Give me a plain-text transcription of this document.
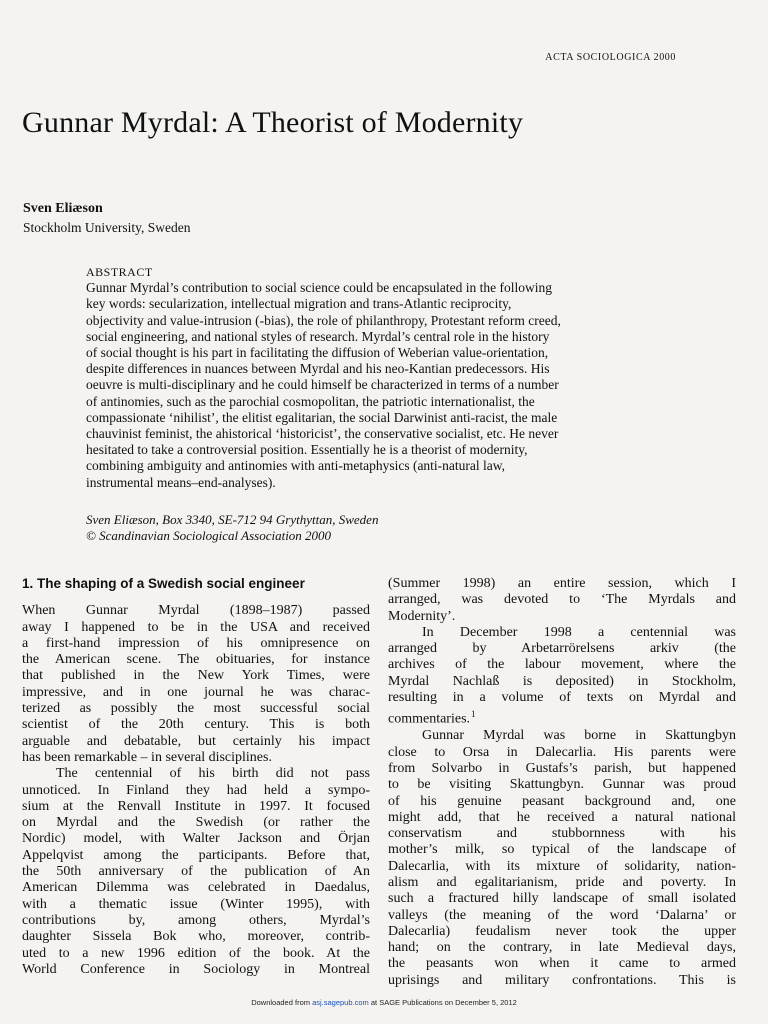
ACTA SOCIOLOGICA 2000
Gunnar Myrdal: A Theorist of Modernity
Sven Eliæson
Stockholm University, Sweden
ABSTRACT
Gunnar Myrdal’s contribution to social science could be encapsulated in the following
key words: secularization, intellectual migration and trans-Atlantic reciprocity,
objectivity and value-intrusion (-bias), the role of philanthropy, Protestant reform creed,
social engineering, and national styles of research. Myrdal’s central role in the history
of social thought is his part in facilitating the diffusion of Weberian value-orientation,
despite differences in nuances between Myrdal and his neo-Kantian predecessors. His
oeuvre is multi-disciplinary and he could himself be characterized in terms of a number
of antinomies, such as the parochial cosmopolitan, the patriotic internationalist, the
compassionate ‘nihilist’, the elitist egalitarian, the social Darwinist anti-racist, the male
chauvinist feminist, the ahistorical ‘historicist’, the conservative socialist, etc. He never
hesitated to take a controversial position. Essentially he is a theorist of modernity,
combining ambiguity and antinomies with anti-metaphysics (anti-natural law,
instrumental means–end-analyses).
Sven Eliæson, Box 3340, SE-712 94 Grythyttan, Sweden
© Scandinavian Sociological Association 2000
1. The shaping of a Swedish social engineer
When Gunnar Myrdal (1898–1987) passed
away I happened to be in the USA and received
a first-hand impression of his omnipresence on
the American scene. The obituaries, for instance
that published in the New York Times, were
impressive, and in one journal he was charac-
terized as possibly the most successful social
scientist of the 20th century. This is both
arguable and debatable, but certainly his impact
has been remarkable – in several disciplines.
The centennial of his birth did not pass
unnoticed. In Finland they had held a sympo-
sium at the Renvall Institute in 1997. It focused
on Myrdal and the Swedish (or rather the
Nordic) model, with Walter Jackson and Örjan
Appelqvist among the participants. Before that,
the 50th anniversary of the publication of An
American Dilemma was celebrated in Daedalus,
with a thematic issue (Winter 1995), with
contributions by, among others, Myrdal’s
daughter Sissela Bok who, moreover, contrib-
uted to a new 1996 edition of the book. At the
World Conference in Sociology in Montreal
(Summer 1998) an entire session, which I
arranged, was devoted to ‘The Myrdals and
Modernity’.
In December 1998 a centennial was
arranged by Arbetarrörelsens arkiv (the
archives of the labour movement, where the
Myrdal Nachlaß is deposited) in Stockholm,
resulting in a volume of texts on Myrdal and
commentaries.$^1$
Gunnar Myrdal was borne in Skattungbyn
close to Orsa in Dalecarlia. His parents were
from Solvarbo in Gustafs’s parish, but happened
to be visiting Skattungbyn. Gunnar was proud
of his genuine peasant background and, one
might add, that he received a natural national
conservatism and stubbornness with his
mother’s milk, so typical of the landscape of
Dalecarlia, with its mixture of solidarity, nation-
alism and egalitarianism, pride and poverty. In
such a fractured hilly landscape of small isolated
valleys (the meaning of the word ‘Dalarna’ or
Dalecarlia) feudalism never took the upper
hand; on the contrary, in late Medieval days,
the peasants won when it came to armed
uprisings and military confrontations. This is
Downloaded from asj.sagepub.com at SAGE Publications on December 5, 2012
